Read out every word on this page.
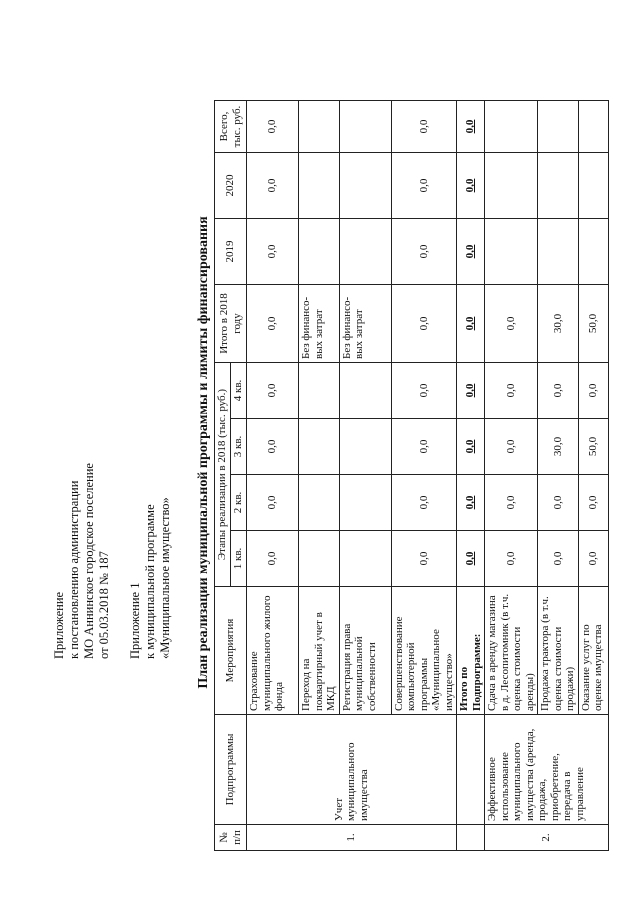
Приложение к постановлению администрации МО Аннинское городское поселение от 05.03.2018 № 187 Приложение 1 к муниципальной программе «Муниципальное имущество» План реализации муниципальной программы и лимиты финансирования
№ п/п	Подпрограммы	Мероприятия	Этапы реализации в 2018 (тыс. руб.)				Итого в 2018 году	2019	2020	Всего, тыс. руб.
			1 кв.	2 кв.	3 кв.	4 кв.				
1.	Учет муниципального имущества	Страхование муниципального жилого фонда	0,0	0,0	0,0	0,0	0,0	0,0	0,0	0,0
		Переход на поквартирный учет в МКД					Без финансо-вых затрат			
		Регистрация права муниципальной собственности					Без финансо-вых затрат			
		Совершенствование компьютерной программы «Муниципальное имущество»	0,0	0,0	0,0	0,0	0,0	0,0	0,0	0,0
		Итого по Подпрограмме:	0,0	0,0	0,0	0,0	0,0	0,0	0,0	0,0
2.	Эффективное использование муниципального имущества (аренда, продажа, приобретение, передача в управление	Сдача в аренду магазина в д. Лесопитомник (в т.ч. оценка стоимости аренды)	0,0	0,0	0,0	0,0	0,0			
		Продажа трактора (в т.ч. оценка стоимости продажи)	0,0	0,0	30,0	0,0	30,0			
		Оказание услуг по оценке имущества	0,0	0,0	50,0	0,0	50,0			
